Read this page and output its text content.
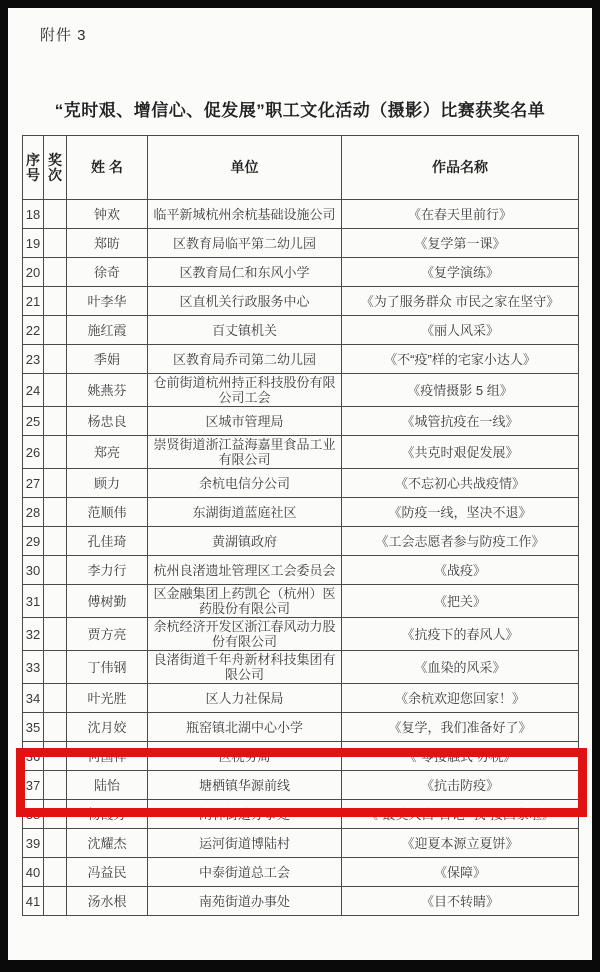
附件 3
“克时艰、增信心、促发展”职工文化活动（摄影）比赛获奖名单
序号	奖次	姓 名	单位	作品名称
18		钟欢	临平新城杭州余杭基础设施公司	《在春天里前行》
19		郑昉	区教育局临平第二幼儿园	《复学第一课》
20		徐奇	区教育局仁和东风小学	《复学演练》
21		叶李华	区直机关行政服务中心	《为了服务群众 市民之家在坚守》
22		施红霞	百丈镇机关	《丽人风采》
23		季娟	区教育局乔司第二幼儿园	《不“疫”样的宅家小达人》
24		姚燕芬	仓前街道杭州持正科技股份有限公司工会	《疫情摄影 5 组》
25		杨忠良	区城市管理局	《城管抗疫在一线》
26		郑亮	崇贤街道浙江益海嘉里食品工业有限公司	《共克时艰促发展》
27		顾力	余杭电信分公司	《不忘初心共战疫情》
28		范顺伟	东湖街道蓝庭社区	《防疫一线，坚决不退》
29		孔佳琦	黄湖镇政府	《工会志愿者参与防疫工作》
30		李力行	杭州良渚遗址管理区工会委员会	《战疫》
31		傅树勤	区金融集团上药凯仑（杭州）医药股份有限公司	《把关》
32		贾方亮	余杭经济开发区浙江春风动力股份有限公司	《抗疫下的春风人》
33		丁伟钢	良渚街道千年舟新材科技集团有限公司	《血染的风采》
34		叶光胜	区人力社保局	《余杭欢迎您回家！》
35		沈月姣	瓶窑镇北湖中心小学	《复学，我们准备好了》
36		何国祥	区税务局	《“零接触式”办税》
37		陆怡	塘栖镇华源前线	《抗击防疫》
38		杨霞芳	闲林街道办事处	《“最美大白”日记 “我”接回家啦》
39		沈耀杰	运河街道博陆村	《迎夏本源立夏饼》
40		冯益民	中泰街道总工会	《保障》
41		汤水根	南苑街道办事处	《目不转睛》
